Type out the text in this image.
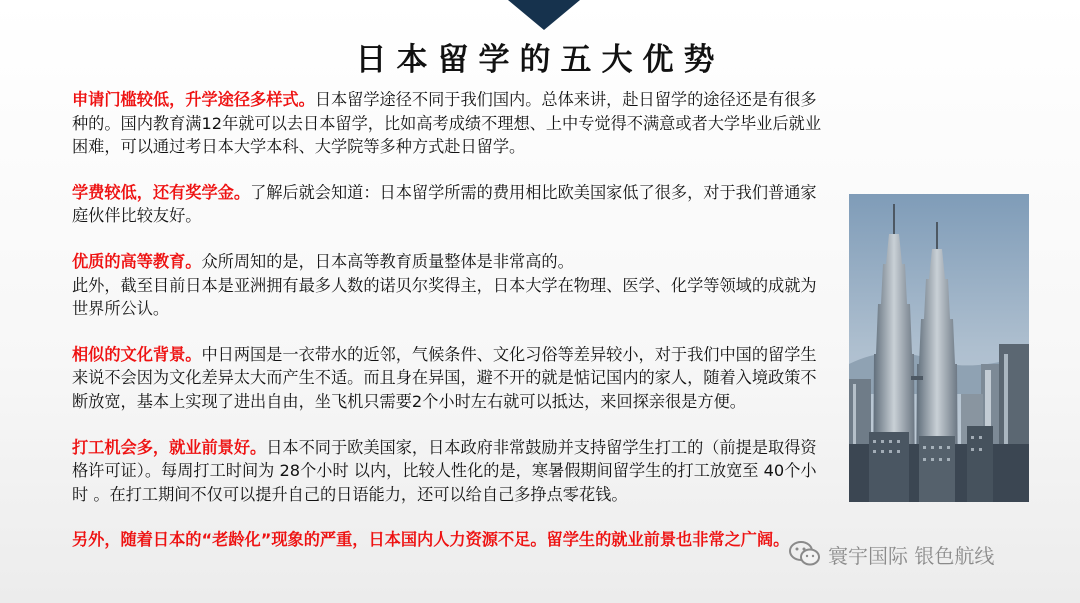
日本留学的五大优势

申请门槛较低，升学途径多样式。日本留学途径不同于我们国内。总体来讲，赴日留学的途径还是有很多种的。国内教育满12年就可以去日本留学，比如高考成绩不理想、上中专觉得不满意或者大学毕业后就业困难，可以通过考日本大学本科、大学院等多种方式赴日留学。

学费较低，还有奖学金。了解后就会知道：日本留学所需的费用相比欧美国家低了很多，对于我们普通家庭伙伴比较友好。

优质的高等教育。众所周知的是，日本高等教育质量整体是非常高的。
此外，截至目前日本是亚洲拥有最多人数的诺贝尔奖得主，日本大学在物理、医学、化学等领域的成就为世界所公认。

相似的文化背景。中日两国是一衣带水的近邻，气候条件、文化习俗等差异较小，对于我们中国的留学生来说不会因为文化差异太大而产生不适。而且身在异国，避不开的就是惦记国内的家人，随着入境政策不断放宽，基本上实现了进出自由，坐飞机只需要2个小时左右就可以抵达，来回探亲很是方便。

打工机会多，就业前景好。日本不同于欧美国家，日本政府非常鼓励并支持留学生打工的（前提是取得资格许可证）。每周打工时间为 28个小时 以内，比较人性化的是，寒暑假期间留学生的打工放宽至 40个小时 。在打工期间不仅可以提升自己的日语能力，还可以给自己多挣点零花钱。

另外，随着日本的“老龄化”现象的严重，日本国内人力资源不足。留学生的就业前景也非常之广阔。

寰宇国际 银色航线
